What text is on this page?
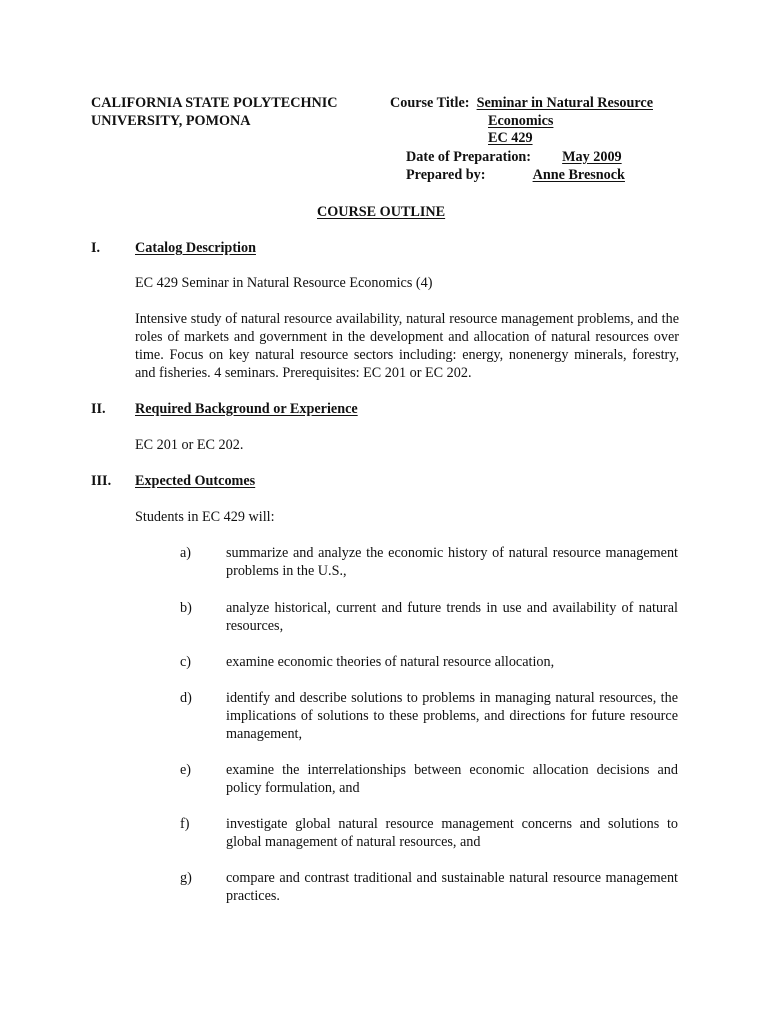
CALIFORNIA STATE POLYTECHNIC
UNIVERSITY, POMONA
Course Title: Seminar in Natural Resource
Economics
EC 429
Date of Preparation: May 2009
Prepared by:	Anne Bresnock
COURSE OUTLINE
I. Catalog Description
EC 429 Seminar in Natural Resource Economics (4)
Intensive study of natural resource availability, natural resource management problems, and the roles of markets and government in the development and allocation of natural resources over time. Focus on key natural resource sectors including: energy, nonenergy minerals, forestry, and fisheries. 4 seminars. Prerequisites: EC 201 or EC 202.
II. Required Background or Experience
EC 201 or EC 202.
III. Expected Outcomes
Students in EC 429 will:
a) summarize and analyze the economic history of natural resource management problems in the U.S.,
b) analyze historical, current and future trends in use and availability of natural resources,
c) examine economic theories of natural resource allocation,
d) identify and describe solutions to problems in managing natural resources, the implications of solutions to these problems, and directions for future resource management,
e) examine the interrelationships between economic allocation decisions and policy formulation, and
f)	investigate global natural resource management concerns and solutions to global management of natural resources, and
g) compare and contrast traditional and sustainable natural resource management practices.
